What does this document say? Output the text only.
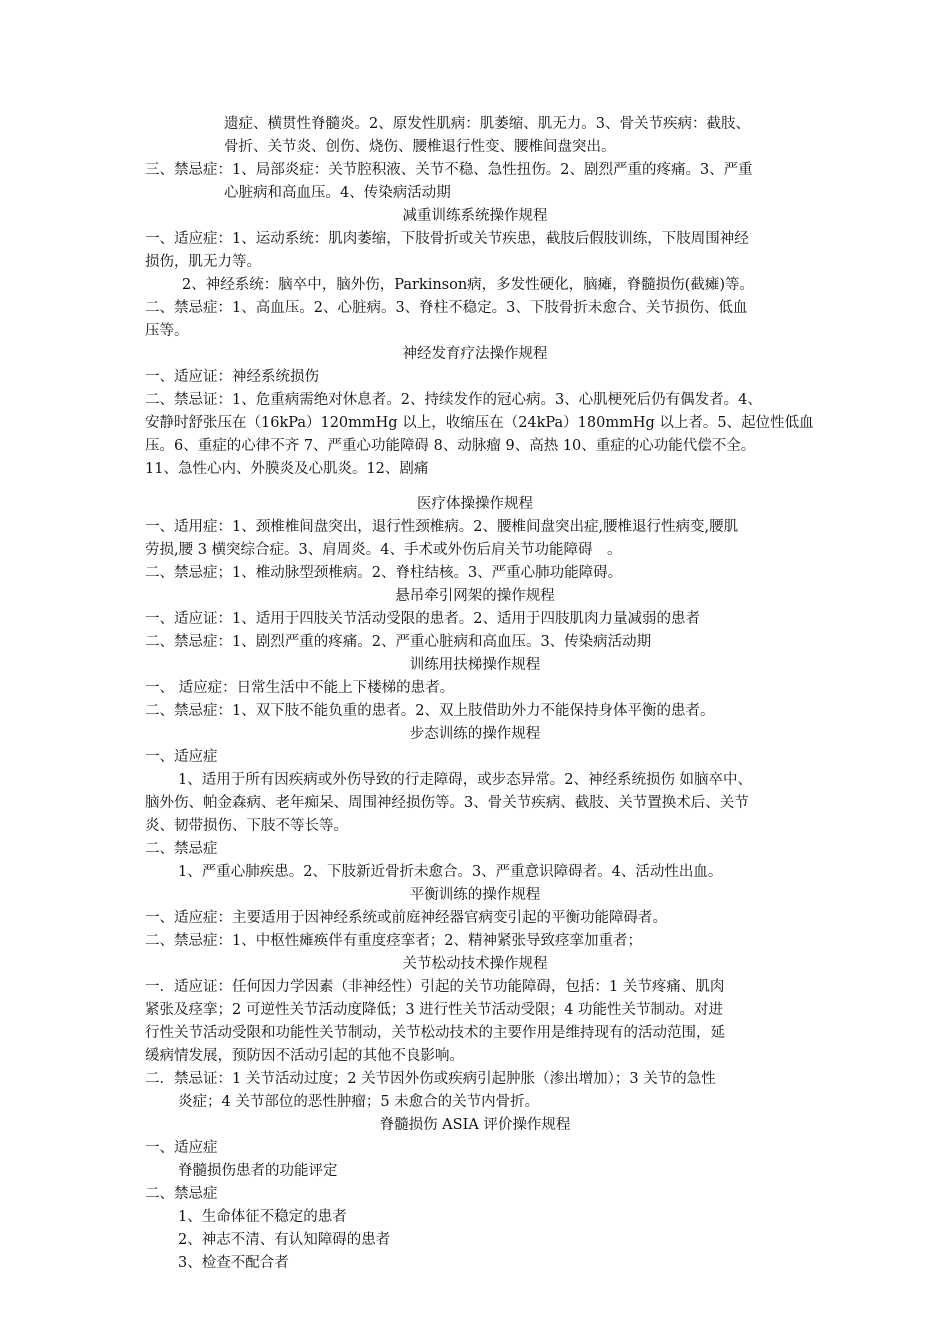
遗症、横贯性脊髓炎。2、原发性肌病：肌萎缩、肌无力。3、骨关节疾病：截肢、
骨折、关节炎、创伤、烧伤、腰椎退行性变、腰椎间盘突出。
三、禁忌症：1、局部炎症：关节腔积液、关节不稳、急性扭伤。2、剧烈严重的疼痛。3、严重
心脏病和高血压。4、传染病活动期
减重训练系统操作规程
一、适应症：1、运动系统：肌肉萎缩，下肢骨折或关节疾患，截肢后假肢训练，下肢周围神经
损伤，肌无力等。
2、神经系统：脑卒中，脑外伤，Parkinson病，多发性硬化，脑瘫，脊髓损伤(截瘫)等。
二、禁忌症：1、高血压。2、心脏病。3、脊柱不稳定。3、下肢骨折未愈合、关节损伤、低血
压等。
神经发育疗法操作规程
一、适应证：神经系统损伤
二、禁忌证：1、危重病需绝对休息者。2、持续发作的冠心病。3、心肌梗死后仍有偶发者。4、
安静时舒张压在（16kPa）120mmHg 以上，收缩压在（24kPa）180mmHg 以上者。5、起位性低血
压。6、重症的心律不齐 7、严重心功能障碍 8、动脉瘤 9、高热 10、重症的心功能代偿不全。
11、急性心内、外膜炎及心肌炎。12、剧痛
医疗体操操作规程
一、适用症：1、颈椎椎间盘突出，退行性颈椎病。2、腰椎间盘突出症,腰椎退行性病变,腰肌
劳损,腰 3 横突综合症。3、肩周炎。4、手术或外伤后肩关节功能障碍　。
二、禁忌症；1、椎动脉型颈椎病。2、脊柱结核。3、严重心肺功能障碍。
悬吊牵引网架的操作规程
一、适应证：1、适用于四肢关节活动受限的患者。2、适用于四肢肌肉力量减弱的患者
二、禁忌症：1、剧烈严重的疼痛。2、严重心脏病和高血压。3、传染病活动期
训练用扶梯操作规程
一、 适应症：日常生活中不能上下楼梯的患者。
二、禁忌症：1、双下肢不能负重的患者。2、双上肢借助外力不能保持身体平衡的患者。
步态训练的操作规程
一、适应症
1、适用于所有因疾病或外伤导致的行走障碍，或步态异常。2、神经系统损伤 如脑卒中、
脑外伤、帕金森病、老年痴呆、周围神经损伤等。3、骨关节疾病、截肢、关节置换术后、关节
炎、韧带损伤、下肢不等长等。
二、禁忌症
1、严重心肺疾患。2、下肢新近骨折未愈合。3、严重意识障碍者。4、活动性出血。
平衡训练的操作规程
一、适应症：主要适用于因神经系统或前庭神经器官病变引起的平衡功能障碍者。
二、禁忌症：1、中枢性瘫痪伴有重度痉挛者；2、精神紧张导致痉挛加重者；
关节松动技术操作规程
一．适应证：任何因力学因素（非神经性）引起的关节功能障碍，包括：1 关节疼痛、肌肉
紧张及痉挛；2 可逆性关节活动度降低；3 进行性关节活动受限；4 功能性关节制动。对进
行性关节活动受限和功能性关节制动，关节松动技术的主要作用是维持现有的活动范围，延
缓病情发展，预防因不活动引起的其他不良影响。
二．禁忌证：1 关节活动过度；2 关节因外伤或疾病引起肿胀（渗出增加）；3 关节的急性
炎症；4 关节部位的恶性肿瘤；5 未愈合的关节内骨折。
脊髓损伤 ASIA 评价操作规程
一、适应症
脊髓损伤患者的功能评定
二、禁忌症
1、生命体征不稳定的患者
2、神志不清、有认知障碍的患者
3、检查不配合者
